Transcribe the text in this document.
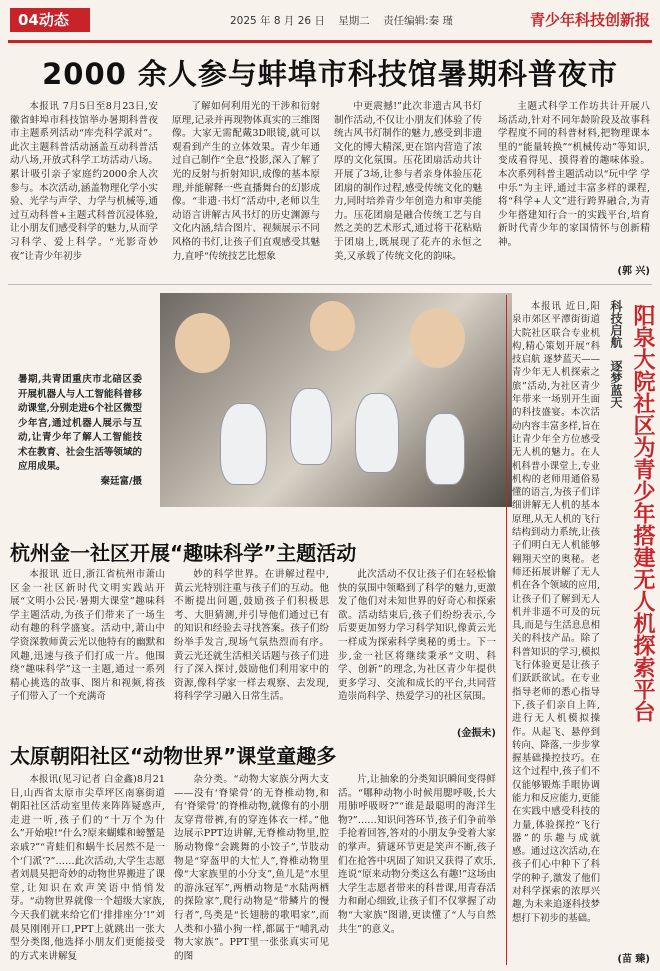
04动态	2025 年 8 月 26 日 星期二 责任编辑:秦 瑾	青少年科技创新报
2000 余人参与蚌埠市科技馆暑期科普夜市

本报讯 7月5日至8月23日,安徽省蚌埠市科技馆举办暑期科普夜市主题系列活动“库壳科学派对”。此次主题科普活动涵盖互动科普活动八场,开放式科学工坊活动八场。累计吸引亲子家庭约2000余人次参与。本次活动,涵盖物理化学小实验、光学与声学、力学与机械等,通过互动科普+主题式科普沉浸体验,让小朋友们感受科学的魅力,从而学习科学、爱上科学。“光影奇妙夜”让青少年初步

了解如何利用光的干涉和衍射原理,记录并再现物体真实的三维图像。大家无需配戴3D眼镜,就可以观看到产生的立体效果。青少年通过自己制作“全息”投影,深入了解了光的反射与折射知识,成像的基本原理,并能解释一些直播舞台的幻影成像。“非遗·书灯”活动中,老师以生动语言讲解古风书灯的历史渊源与文化内涵,结合图片、视频展示不同风格的书灯,让孩子们直观感受其魅力,直呼“传统技艺比想象

中更震撼!”此次非遗古风书灯制作活动,不仅让小朋友们体验了传统古风书灯制作的魅力,感受到非遗文化的博大精深,更在馆内营造了浓厚的文化氛围。压花团扇活动共计开展了3场,让参与者亲身体验压花团扇的制作过程,感受传统文化的魅力,同时培养青少年创造力和审美能力。压花团扇是融合传统工艺与自然之美的艺术形式,通过将干花粘贴于团扇上,既展现了花卉的永恒之美,又承载了传统文化的韵味。

主题式科学工作坊共计开展八场活动,针对不同年龄阶段及故事科学程度不同的科普材料,把物理课本里的“能量转换”“机械传动”等知识,变成看得见、摸得着的趣味体验。本次系列科普主题活动以“玩中学 学中乐”为主评,通过丰富多样的课程,将“科学+人文”进行跨界融合,为青少年搭建知行合一的实践平台,培育新时代青少年的家国情怀与创新精神。

(郭 兴)
暑期,共青团重庆市北碚区委开展机器人与人工智能科普移动课堂,分别走进6个社区微型少年宫,通过机器人展示与互动,让青少年了解人工智能技术在教育、社会生活等领域的应用成果。
秦廷富/摄
杭州金一社区开展“趣味科学”主题活动

本报讯 近日,浙江省杭州市萧山区金一社区新时代文明实践站开展“文明小公民·暑期大课堂”趣味科学主题活动,为孩子们带来了一场生动有趣的科学盛宴。活动中,萧山中学资深教师黄云光以他特有的幽默和风趣,迅速与孩子们打成一片。他围绕“趣味科学”这一主题,通过一系列精心挑选的故事、图片和视频,将孩子们带入了一个充满奇

妙的科学世界。在讲解过程中,黄云光特别注重与孩子们的互动。他不断提出问题,鼓励孩子们积极思考、大胆猜测,并引导他们通过已有的知识和经验去寻找答案。孩子们纷纷举手发言,现场气氛热烈而有序。黄云光还就生活相关话题与孩子们进行了深入探讨,鼓励他们利用家中的资源,像科学家一样去观察、去发现,将科学学习融入日常生活。

此次活动不仅让孩子们在轻松愉快的氛围中领略到了科学的魅力,更激发了他们对未知世界的好奇心和探索欲。活动结束后,孩子们纷纷表示,今后要更加努力学习科学知识,像黄云光一样成为探索科学奥秘的勇士。下一步,金一社区将继续秉承“文明、科学、创新”的理念,为社区青少年提供更多学习、交流和成长的平台,共同营造崇尚科学、热爱学习的社区氛围。

(金振未)
太原朝阳社区“动物世界”课堂童趣多

本报讯(见习记者 白金鑫)8月21日,山西省太原市尖草坪区南寨街道朝阳社区活动室里传来阵阵疑惑声,走进一听,孩子们的“十万个为什么”开始啦!“什么?原来蝴蝶和螃蟹是亲戚?”“青蛙们和蜗牛长居然不是一个‘门派’?”……此次活动,大学生志愿者刘晨昊把奇妙的动物世界搬进了课堂,让知识在欢声笑语中悄悄发芽。“动物世界就像一个超级大家族,今天我们就来给它们‘排排座分’!”刘晨昊刚刚开口,PPT上就跳出一张大型分类图,他选择小朋友们更能接受的方式来讲解复

杂分类。“动物大家族分两大支——没有‘脊梁骨’的无脊椎动物,和有‘脊梁骨’的脊椎动物,就像有的小朋友穿背带裤,有的穿连体衣一样。”他边展示PPT边讲解,无脊椎动物里,腔肠动物像“会跳舞的小饺子”,节肢动物是“穿盔甲的大忙人”,脊椎动物里像“大家族里的小分支”,鱼儿是“水里的游泳冠军”,两栖动物是“水陆两栖的探险家”,爬行动物是“带鳞片的慢行者”,鸟类是“长翅膀的歌唱家”,而人类和小猫小狗一样,都属于“哺乳动物大家族”。PPT里一张张真实可见的图

片,让抽象的分类知识瞬间变得鲜活。“哪种动物小时候用腮呼吸,长大用肺呼吸呀?”“谁是最聪明的海洋生物?”……知识问答环节,孩子们争前举手抢着回答,答对的小朋友争受着大家的掌声。猜谜环节更是笑声不断,孩子们在抢答中巩固了知识又获得了欢乐,连说“原来动物分类这么有趣!”这场由大学生志愿者带来的科普课,用青春活力和耐心细致,让孩子们不仅掌握了动物“大家族”图谱,更读懂了“人与自然共生”的意义。

科技启航
逐梦蓝天 阳泉大院社区为青少年搭建无人机探索平台

本报讯 近日,阳泉市郊区平潭街街道大院社区联合专业机构,精心策划开展“科技启航 逐梦蓝天——青少年无人机探索之旅”活动,为社区青少年带来一场别开生面的科技盛宴。本次活动内容丰富多样,旨在让青少年全方位感受无人机的魅力。在人机科普小课堂上,专业机构的老师用通俗易懂的语言,为孩子们详细讲解无人机的基本原理,从无人机的飞行结构到动力系统,让孩子们明白无人机能够翱翔天空的奥秘。老师还拓展讲解了无人机在各个领域的应用,让孩子们了解到无人机并非遥不可及的玩具,而是与生活息息相关的科技产品。除了科普知识的学习,模拟飞行体验更是让孩子们跃跃欲试。在专业指导老师的悉心指导下,孩子们亲自上阵,进行无人机模拟操作。从起飞、悬停到转向、降落,一步步掌握基础操控技巧。在这个过程中,孩子们不仅能够锻炼手眼协调能力和反应能力,更能在实践中感受科技的力量,体验探控“飞行器”的乐趣与成就感。通过这次活动,在孩子们心中种下了科学的种子,激发了他们对科学探索的浓厚兴趣,为未来追逐科技梦想打下初步的基础。

(苗 臻)
